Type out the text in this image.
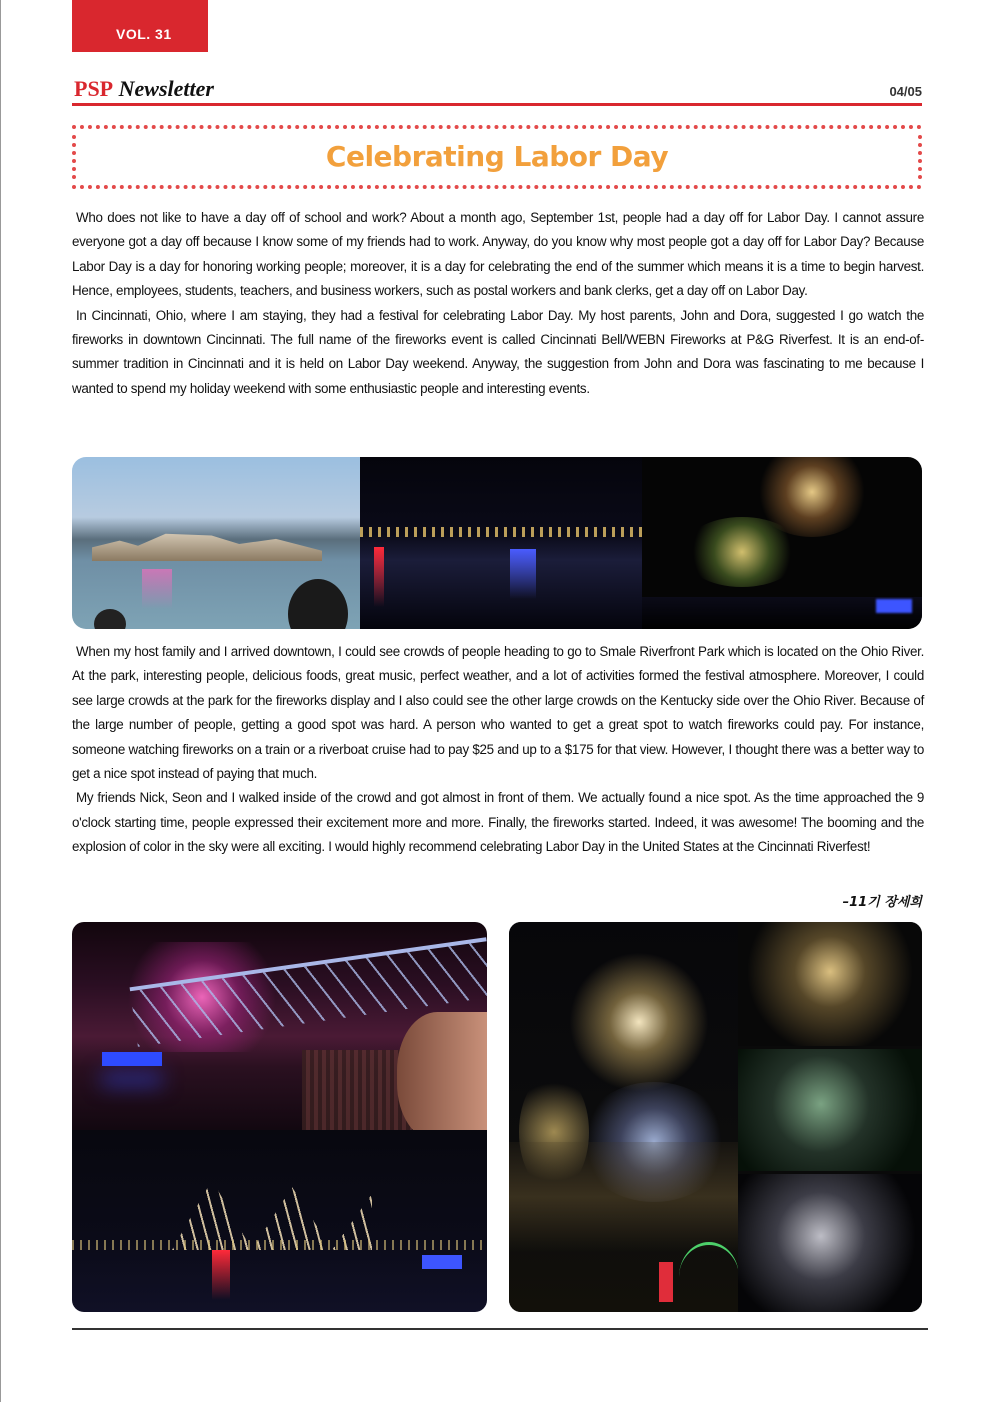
VOL. 31
PSP Newsletter	04/05
Celebrating Labor Day

Who does not like to have a day off of school and work? About a month ago, September 1st, people had a day off for Labor Day. I cannot assure everyone got a day off because I know some of my friends had to work. Anyway, do you know why most people got a day off for Labor Day? Because Labor Day is a day for honoring working people; moreover, it is a day for celebrating the end of the summer which means it is a time to begin harvest. Hence, employees, students, teachers, and business workers, such as postal workers and bank clerks, get a day off on Labor Day.

In Cincinnati, Ohio, where I am staying, they had a festival for celebrating Labor Day. My host parents, John and Dora, suggested I go watch the fireworks in downtown Cincinnati. The full name of the fireworks event is called Cincinnati Bell/WEBN Fireworks at P&G Riverfest. It is an end-of-summer tradition in Cincinnati and it is held on Labor Day weekend. Anyway, the suggestion from John and Dora was fascinating to me because I wanted to spend my holiday weekend with some enthusiastic people and interesting events.

When my host family and I arrived downtown, I could see crowds of people heading to go to Smale Riverfront Park which is located on the Ohio River. At the park, interesting people, delicious foods, great music, perfect weather, and a lot of activities formed the festival atmosphere. Moreover, I could see large crowds at the park for the fireworks display and I also could see the other large crowds on the Kentucky side over the Ohio River. Because of the large number of people, getting a good spot was hard. A person who wanted to get a great spot to watch fireworks could pay. For instance, someone watching fireworks on a train or a riverboat cruise had to pay $25 and up to a $175 for that view. However, I thought there was a better way to get a nice spot instead of paying that much.

My friends Nick, Seon and I walked inside of the crowd and got almost in front of them. We actually found a nice spot. As the time approached the 9 o'clock starting time, people expressed their excitement more and more. Finally, the fireworks started. Indeed, it was awesome! The booming and the explosion of color in the sky were all exciting. I would highly recommend celebrating Labor Day in the United States at the Cincinnati Riverfest!

–11기 장세희
